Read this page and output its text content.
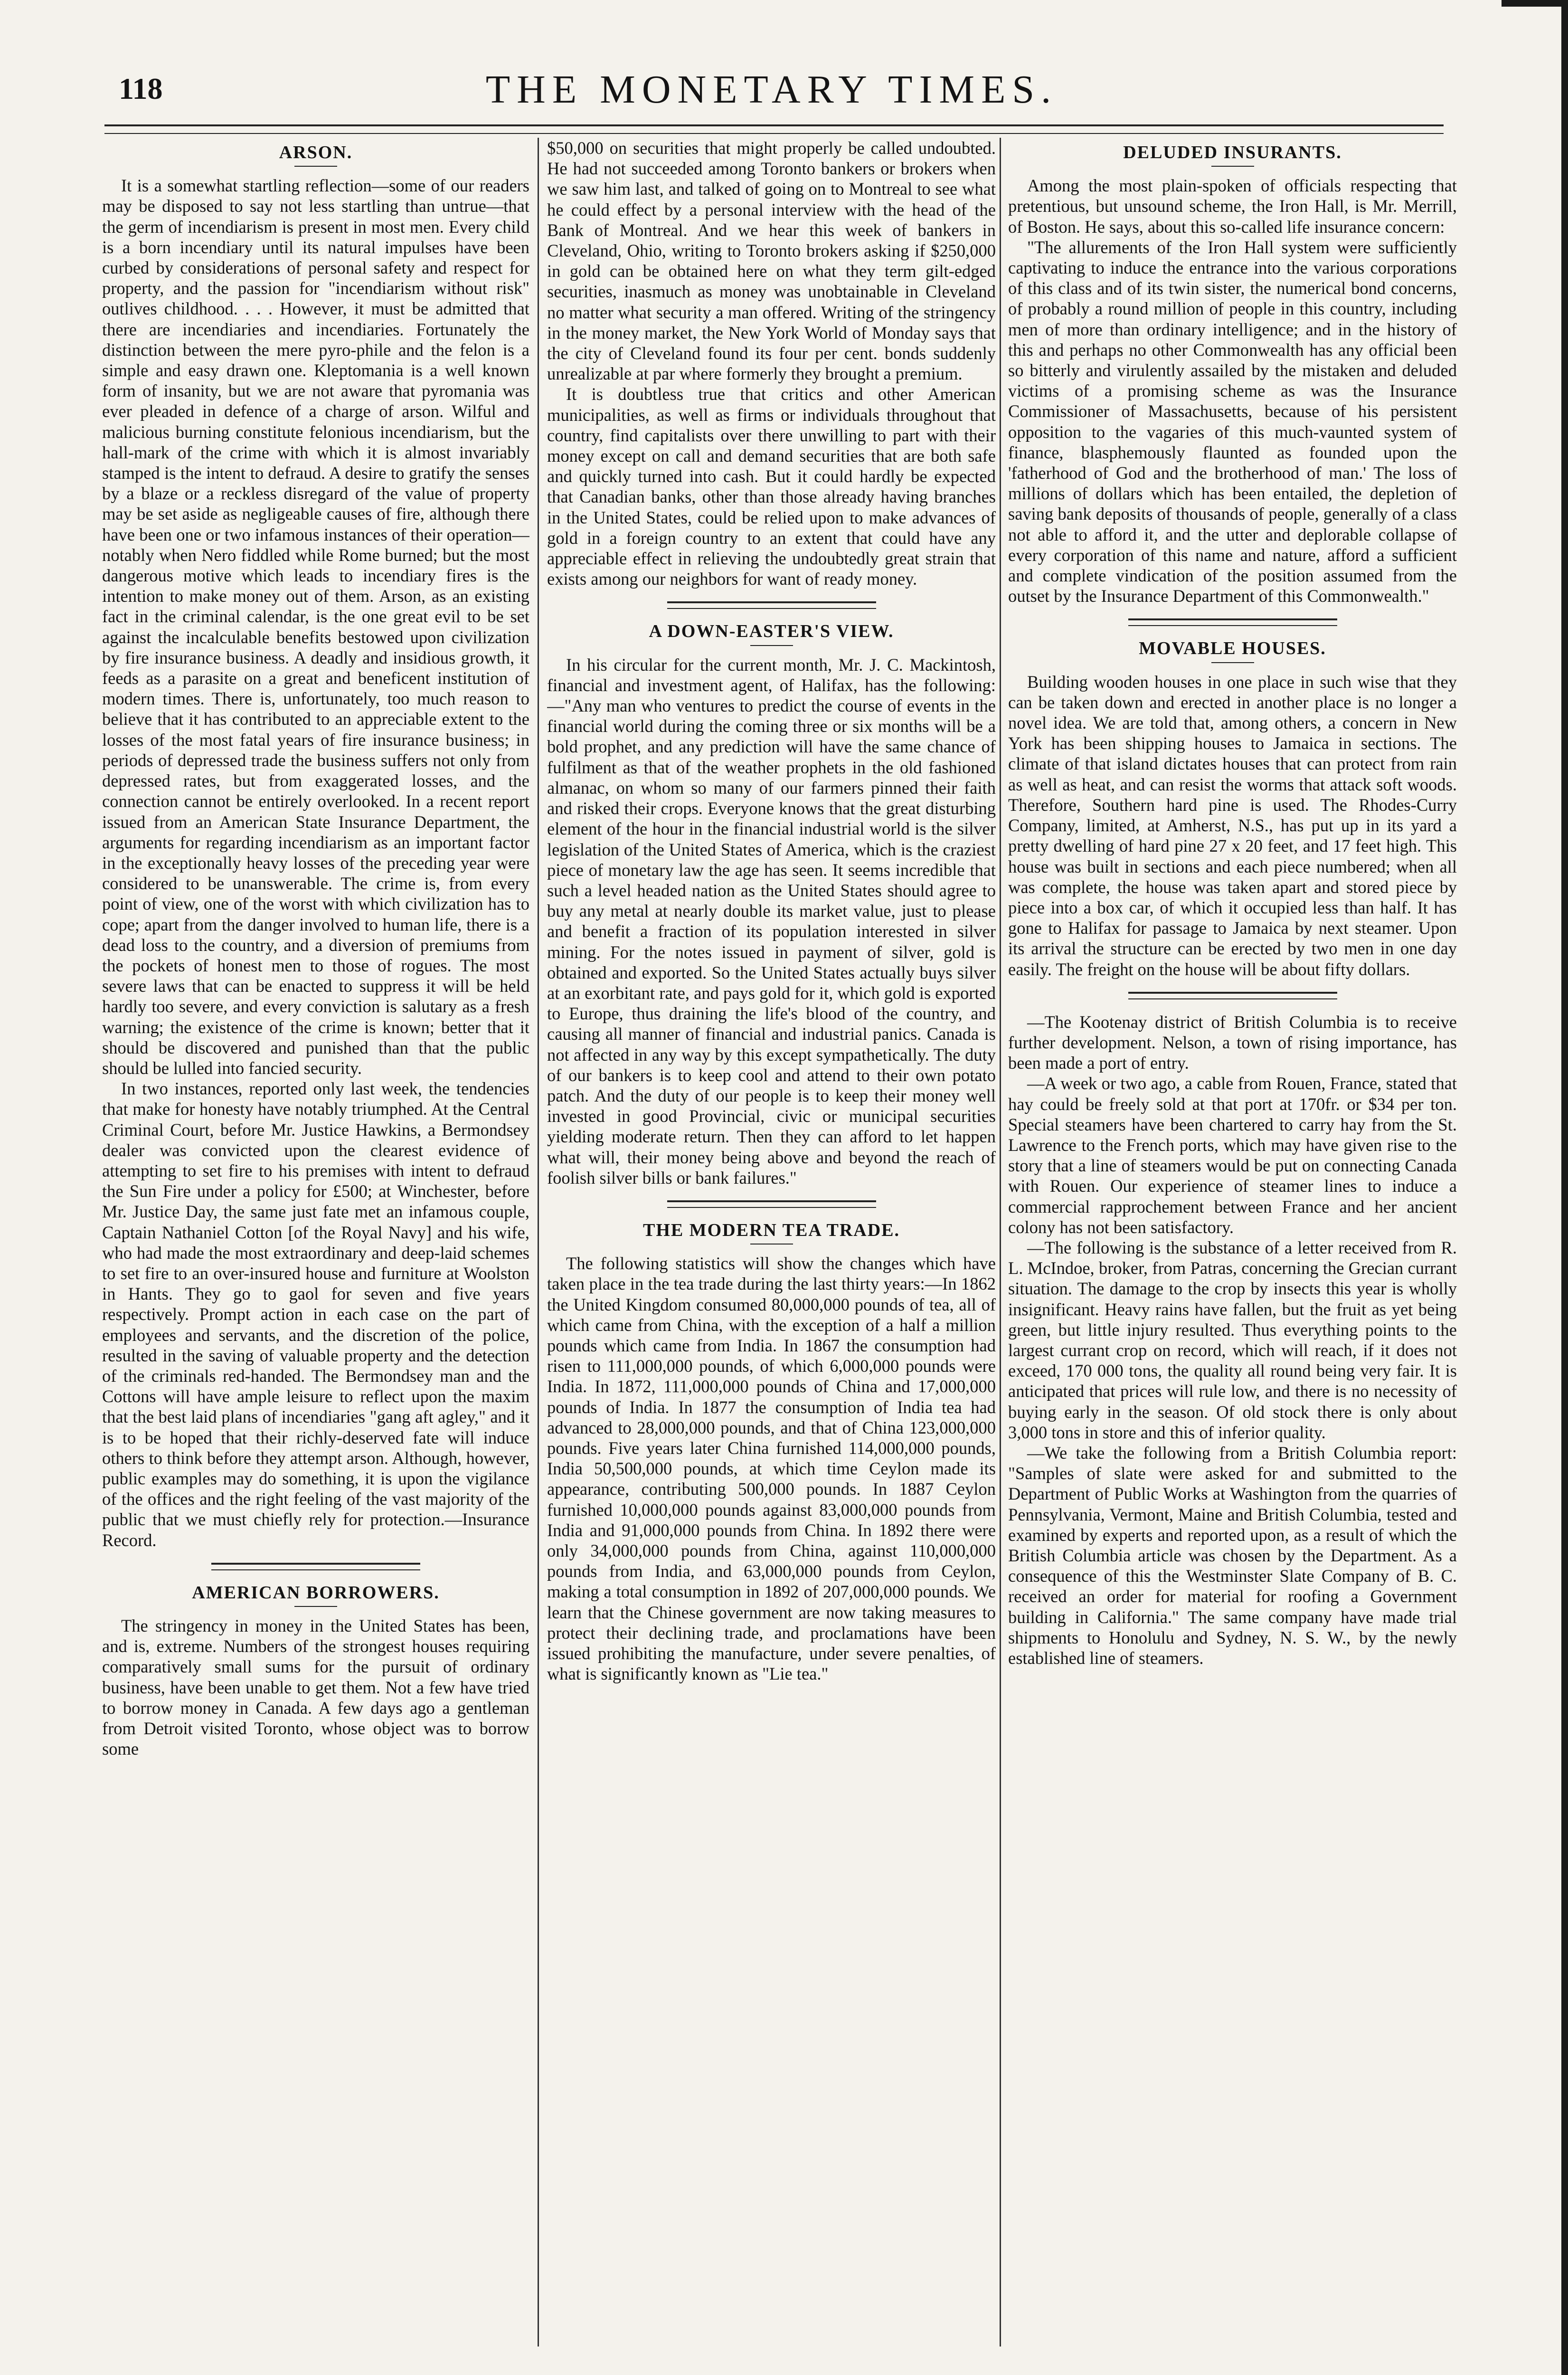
118	THE MONETARY TIMES.
ARSON.

It is a somewhat startling reflection—some of our readers may be disposed to say not less startling than untrue—that the germ of incendiarism is present in most men. Every child is a born incendiary until its natural impulses have been curbed by considerations of personal safety and respect for property, and the passion for "incendiarism without risk" outlives childhood. . . . However, it must be admitted that there are incendiaries and incendiaries. Fortunately the distinction between the mere pyro-phile and the felon is a simple and easy drawn one. Kleptomania is a well known form of insanity, but we are not aware that pyromania was ever pleaded in defence of a charge of arson. Wilful and malicious burning constitute felonious incendiarism, but the hall-mark of the crime with which it is almost invariably stamped is the intent to defraud. A desire to gratify the senses by a blaze or a reckless disregard of the value of property may be set aside as negligeable causes of fire, although there have been one or two infamous instances of their operation—notably when Nero fiddled while Rome burned; but the most dangerous motive which leads to incendiary fires is the intention to make money out of them. Arson, as an existing fact in the criminal calendar, is the one great evil to be set against the incalculable benefits bestowed upon civilization by fire insurance business. A deadly and insidious growth, it feeds as a parasite on a great and beneficent institution of modern times. There is, unfortunately, too much reason to believe that it has contributed to an appreciable extent to the losses of the most fatal years of fire insurance business; in periods of depressed trade the business suffers not only from depressed rates, but from exaggerated losses, and the connection cannot be entirely overlooked. In a recent report issued from an American State Insurance Department, the arguments for regarding incendiarism as an important factor in the exceptionally heavy losses of the preceding year were considered to be unanswerable. The crime is, from every point of view, one of the worst with which civilization has to cope; apart from the danger involved to human life, there is a dead loss to the country, and a diversion of premiums from the pockets of honest men to those of rogues. The most severe laws that can be enacted to suppress it will be held hardly too severe, and every conviction is salutary as a fresh warning; the existence of the crime is known; better that it should be discovered and punished than that the public should be lulled into fancied security.

In two instances, reported only last week, the tendencies that make for honesty have notably triumphed. At the Central Criminal Court, before Mr. Justice Hawkins, a Bermondsey dealer was convicted upon the clearest evidence of attempting to set fire to his premises with intent to defraud the Sun Fire under a policy for £500; at Winchester, before Mr. Justice Day, the same just fate met an infamous couple, Captain Nathaniel Cotton [of the Royal Navy] and his wife, who had made the most extraordinary and deep-laid schemes to set fire to an over-insured house and furniture at Woolston in Hants. They go to gaol for seven and five years respectively. Prompt action in each case on the part of employees and servants, and the discretion of the police, resulted in the saving of valuable property and the detection of the criminals red-handed. The Bermondsey man and the Cottons will have ample leisure to reflect upon the maxim that the best laid plans of incendiaries "gang aft agley," and it is to be hoped that their richly-deserved fate will induce others to think before they attempt arson. Although, however, public examples may do something, it is upon the vigilance of the offices and the right feeling of the vast majority of the public that we must chiefly rely for protection.—Insurance Record.

AMERICAN BORROWERS.

The stringency in money in the United States has been, and is, extreme. Numbers of the strongest houses requiring comparatively small sums for the pursuit of ordinary business, have been unable to get them. Not a few have tried to borrow money in Canada. A few days ago a gentleman from Detroit visited Toronto, whose object was to borrow some

$50,000 on securities that might properly be called undoubted. He had not succeeded among Toronto bankers or brokers when we saw him last, and talked of going on to Montreal to see what he could effect by a personal interview with the head of the Bank of Montreal. And we hear this week of bankers in Cleveland, Ohio, writing to Toronto brokers asking if $250,000 in gold can be obtained here on what they term gilt-edged securities, inasmuch as money was unobtainable in Cleveland no matter what security a man offered. Writing of the stringency in the money market, the New York World of Monday says that the city of Cleveland found its four per cent. bonds suddenly unrealizable at par where formerly they brought a premium.

It is doubtless true that critics and other American municipalities, as well as firms or individuals throughout that country, find capitalists over there unwilling to part with their money except on call and demand securities that are both safe and quickly turned into cash. But it could hardly be expected that Canadian banks, other than those already having branches in the United States, could be relied upon to make advances of gold in a foreign country to an extent that could have any appreciable effect in relieving the undoubtedly great strain that exists among our neighbors for want of ready money.

A DOWN-EASTER'S VIEW.

In his circular for the current month, Mr. J. C. Mackintosh, financial and investment agent, of Halifax, has the following:—"Any man who ventures to predict the course of events in the financial world during the coming three or six months will be a bold prophet, and any prediction will have the same chance of fulfilment as that of the weather prophets in the old fashioned almanac, on whom so many of our farmers pinned their faith and risked their crops. Everyone knows that the great disturbing element of the hour in the financial industrial world is the silver legislation of the United States of America, which is the craziest piece of monetary law the age has seen. It seems incredible that such a level headed nation as the United States should agree to buy any metal at nearly double its market value, just to please and benefit a fraction of its population interested in silver mining. For the notes issued in payment of silver, gold is obtained and exported. So the United States actually buys silver at an exorbitant rate, and pays gold for it, which gold is exported to Europe, thus draining the life's blood of the country, and causing all manner of financial and industrial panics. Canada is not affected in any way by this except sympathetically. The duty of our bankers is to keep cool and attend to their own potato patch. And the duty of our people is to keep their money well invested in good Provincial, civic or municipal securities yielding moderate return. Then they can afford to let happen what will, their money being above and beyond the reach of foolish silver bills or bank failures."

THE MODERN TEA TRADE.

The following statistics will show the changes which have taken place in the tea trade during the last thirty years:—In 1862 the United Kingdom consumed 80,000,000 pounds of tea, all of which came from China, with the exception of a half a million pounds which came from India. In 1867 the consumption had risen to 111,000,000 pounds, of which 6,000,000 pounds were India. In 1872, 111,000,000 pounds of China and 17,000,000 pounds of India. In 1877 the consumption of India tea had advanced to 28,000,000 pounds, and that of China 123,000,000 pounds. Five years later China furnished 114,000,000 pounds, India 50,500,000 pounds, at which time Ceylon made its appearance, contributing 500,000 pounds. In 1887 Ceylon furnished 10,000,000 pounds against 83,000,000 pounds from India and 91,000,000 pounds from China. In 1892 there were only 34,000,000 pounds from China, against 110,000,000 pounds from India, and 63,000,000 pounds from Ceylon, making a total consumption in 1892 of 207,000,000 pounds. We learn that the Chinese government are now taking measures to protect their declining trade, and proclamations have been issued prohibiting the manufacture, under severe penalties, of what is significantly known as "Lie tea."

DELUDED INSURANTS.

Among the most plain-spoken of officials respecting that pretentious, but unsound scheme, the Iron Hall, is Mr. Merrill, of Boston. He says, about this so-called life insurance concern:

"The allurements of the Iron Hall system were sufficiently captivating to induce the entrance into the various corporations of this class and of its twin sister, the numerical bond concerns, of probably a round million of people in this country, including men of more than ordinary intelligence; and in the history of this and perhaps no other Commonwealth has any official been so bitterly and virulently assailed by the mistaken and deluded victims of a promising scheme as was the Insurance Commissioner of Massachusetts, because of his persistent opposition to the vagaries of this much-vaunted system of finance, blasphemously flaunted as founded upon the 'fatherhood of God and the brotherhood of man.' The loss of millions of dollars which has been entailed, the depletion of saving bank deposits of thousands of people, generally of a class not able to afford it, and the utter and deplorable collapse of every corporation of this name and nature, afford a sufficient and complete vindication of the position assumed from the outset by the Insurance Department of this Commonwealth."

MOVABLE HOUSES.

Building wooden houses in one place in such wise that they can be taken down and erected in another place is no longer a novel idea. We are told that, among others, a concern in New York has been shipping houses to Jamaica in sections. The climate of that island dictates houses that can protect from rain as well as heat, and can resist the worms that attack soft woods. Therefore, Southern hard pine is used. The Rhodes-Curry Company, limited, at Amherst, N.S., has put up in its yard a pretty dwelling of hard pine 27 x 20 feet, and 17 feet high. This house was built in sections and each piece numbered; when all was complete, the house was taken apart and stored piece by piece into a box car, of which it occupied less than half. It has gone to Halifax for passage to Jamaica by next steamer. Upon its arrival the structure can be erected by two men in one day easily. The freight on the house will be about fifty dollars.

—The Kootenay district of British Columbia is to receive further development. Nelson, a town of rising importance, has been made a port of entry.

—A week or two ago, a cable from Rouen, France, stated that hay could be freely sold at that port at 170fr. or $34 per ton. Special steamers have been chartered to carry hay from the St. Lawrence to the French ports, which may have given rise to the story that a line of steamers would be put on connecting Canada with Rouen. Our experience of steamer lines to induce a commercial rapprochement between France and her ancient colony has not been satisfactory.

—The following is the substance of a letter received from R. L. McIndoe, broker, from Patras, concerning the Grecian currant situation. The damage to the crop by insects this year is wholly insignificant. Heavy rains have fallen, but the fruit as yet being green, but little injury resulted. Thus everything points to the largest currant crop on record, which will reach, if it does not exceed, 170 000 tons, the quality all round being very fair. It is anticipated that prices will rule low, and there is no necessity of buying early in the season. Of old stock there is only about 3,000 tons in store and this of inferior quality.

—We take the following from a British Columbia report: "Samples of slate were asked for and submitted to the Department of Public Works at Washington from the quarries of Pennsylvania, Vermont, Maine and British Columbia, tested and examined by experts and reported upon, as a result of which the British Columbia article was chosen by the Department. As a consequence of this the Westminster Slate Company of B. C. received an order for material for roofing a Government building in California." The same company have made trial shipments to Honolulu and Sydney, N. S. W., by the newly established line of steamers.
